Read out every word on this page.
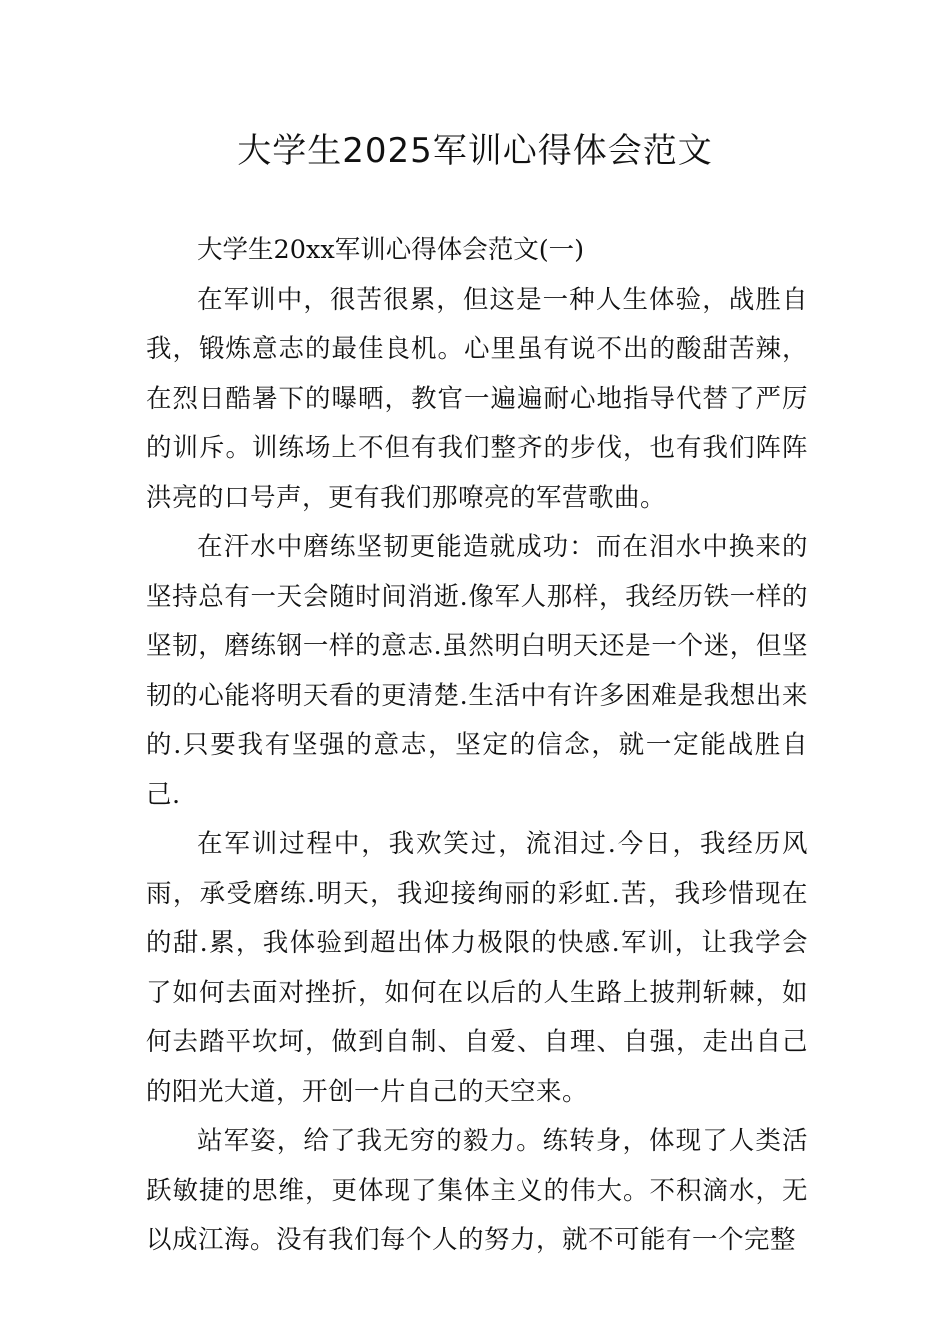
大学生2025军训心得体会范文

大学生20xx军训心得体会范文(一)

在军训中，很苦很累，但这是一种人生体验，战胜自我，锻炼意志的最佳良机。心里虽有说不出的酸甜苦辣，在烈日酷暑下的曝晒，教官一遍遍耐心地指导代替了严厉的训斥。训练场上不但有我们整齐的步伐，也有我们阵阵洪亮的口号声，更有我们那嘹亮的军营歌曲。

在汗水中磨练坚韧更能造就成功：而在泪水中换来的坚持总有一天会随时间消逝.像军人那样，我经历铁一样的坚韧，磨练钢一样的意志.虽然明白明天还是一个迷，但坚韧的心能将明天看的更清楚.生活中有许多困难是我想出来的.只要我有坚强的意志，坚定的信念，就一定能战胜自己.

在军训过程中，我欢笑过，流泪过.今日，我经历风雨，承受磨练.明天，我迎接绚丽的彩虹.苦，我珍惜现在的甜.累，我体验到超出体力极限的快感.军训，让我学会了如何去面对挫折，如何在以后的人生路上披荆斩棘，如何去踏平坎坷，做到自制、自爱、自理、自强，走出自己的阳光大道，开创一片自己的天空来。

站军姿，给了我无穷的毅力。练转身，体现了人类活跃敏捷的思维，更体现了集体主义的伟大。不积滴水，无以成江海。没有我们每个人的努力，就不可能有一个完整
